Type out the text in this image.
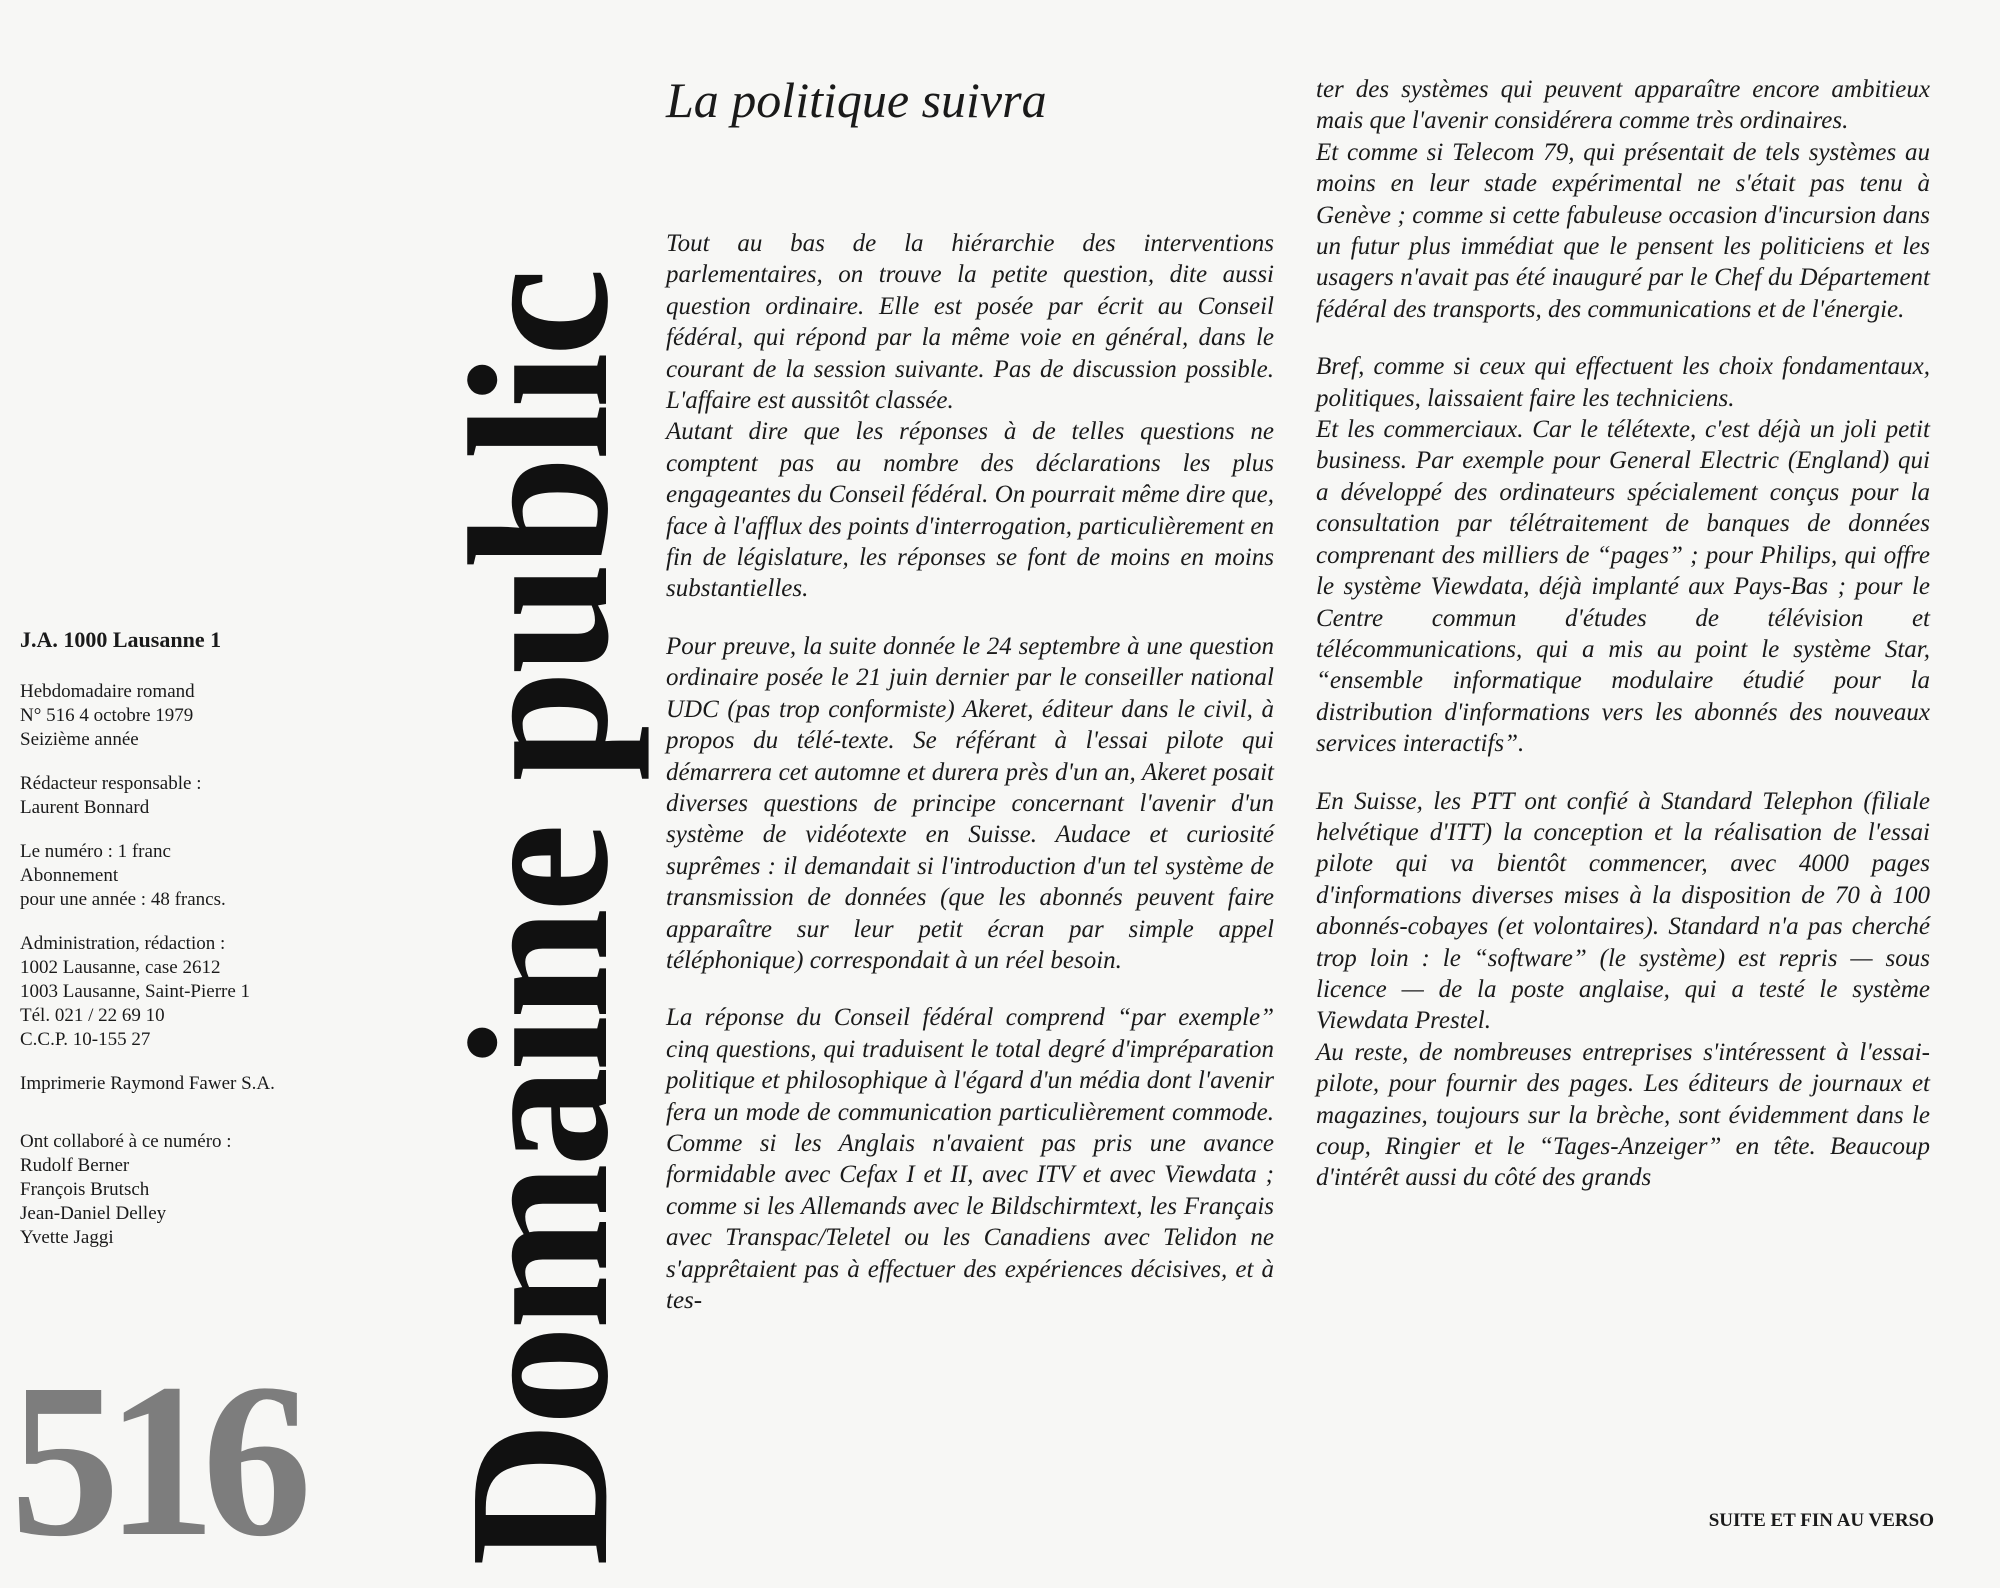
J.A. 1000 Lausanne 1
Hebdomadaire romand
N° 516 4 octobre 1979
Seizième année
Rédacteur responsable :
Laurent Bonnard
Le numéro : 1 franc
Abonnement
pour une année : 48 francs.
Administration, rédaction :
1002 Lausanne, case 2612
1003 Lausanne, Saint-Pierre 1
Tél. 021 / 22 69 10
C.C.P. 10-155 27
Imprimerie Raymond Fawer S.A.
Ont collaboré à ce numéro :
Rudolf Berner
François Brutsch
Jean-Daniel Delley
Yvette Jaggi
516 Domaine public
La politique suivra

Tout au bas de la hiérarchie des interventions parlementaires, on trouve la petite question, dite aussi question ordinaire. Elle est posée par écrit au Conseil fédéral, qui répond par la même voie en général, dans le courant de la session suivante. Pas de discussion possible. L'affaire est aussitôt classée.

Autant dire que les réponses à de telles questions ne comptent pas au nombre des déclarations les plus engageantes du Conseil fédéral. On pourrait même dire que, face à l'afflux des points d'interrogation, particulièrement en fin de législature, les réponses se font de moins en moins substantielles.

Pour preuve, la suite donnée le 24 septembre à une question ordinaire posée le 21 juin dernier par le conseiller national UDC (pas trop conformiste) Akeret, éditeur dans le civil, à propos du télé-texte. Se référant à l'essai pilote qui démarrera cet automne et durera près d'un an, Akeret posait diverses questions de principe concernant l'avenir d'un système de vidéotexte en Suisse. Audace et curiosité suprêmes : il demandait si l'introduction d'un tel système de transmission de données (que les abonnés peuvent faire apparaître sur leur petit écran par simple appel téléphonique) correspondait à un réel besoin.

La réponse du Conseil fédéral comprend “par exemple” cinq questions, qui traduisent le total degré d'impréparation politique et philosophique à l'égard d'un média dont l'avenir fera un mode de communication particulièrement commode. Comme si les Anglais n'avaient pas pris une avance formidable avec Cefax I et II, avec ITV et avec Viewdata ; comme si les Allemands avec le Bildschirmtext, les Français avec Transpac/Teletel ou les Canadiens avec Telidon ne s'apprêtaient pas à effectuer des expériences décisives, et à tes-

ter des systèmes qui peuvent apparaître encore ambitieux mais que l'avenir considérera comme très ordinaires.

Et comme si Telecom 79, qui présentait de tels systèmes au moins en leur stade expérimental ne s'était pas tenu à Genève ; comme si cette fabuleuse occasion d'incursion dans un futur plus immédiat que le pensent les politiciens et les usagers n'avait pas été inauguré par le Chef du Département fédéral des transports, des communications et de l'énergie.

Bref, comme si ceux qui effectuent les choix fondamentaux, politiques, laissaient faire les techniciens.

Et les commerciaux. Car le télétexte, c'est déjà un joli petit business. Par exemple pour General Electric (England) qui a développé des ordinateurs spécialement conçus pour la consultation par télétraitement de banques de données comprenant des milliers de “pages” ; pour Philips, qui offre le système Viewdata, déjà implanté aux Pays-Bas ; pour le Centre commun d'études de télévision et télécommunications, qui a mis au point le système Star, “ensemble informatique modulaire étudié pour la distribution d'informations vers les abonnés des nouveaux services interactifs”.

En Suisse, les PTT ont confié à Standard Telephon (filiale helvétique d'ITT) la conception et la réalisation de l'essai pilote qui va bientôt commencer, avec 4000 pages d'informations diverses mises à la disposition de 70 à 100 abonnés-cobayes (et volontaires). Standard n'a pas cherché trop loin : le “software” (le système) est repris — sous licence — de la poste anglaise, qui a testé le système Viewdata Prestel.

Au reste, de nombreuses entreprises s'intéressent à l'essai-pilote, pour fournir des pages. Les éditeurs de journaux et magazines, toujours sur la brèche, sont évidemment dans le coup, Ringier et le “Tages-Anzeiger” en tête. Beaucoup d'intérêt aussi du côté des grands

SUITE ET FIN AU VERSO
